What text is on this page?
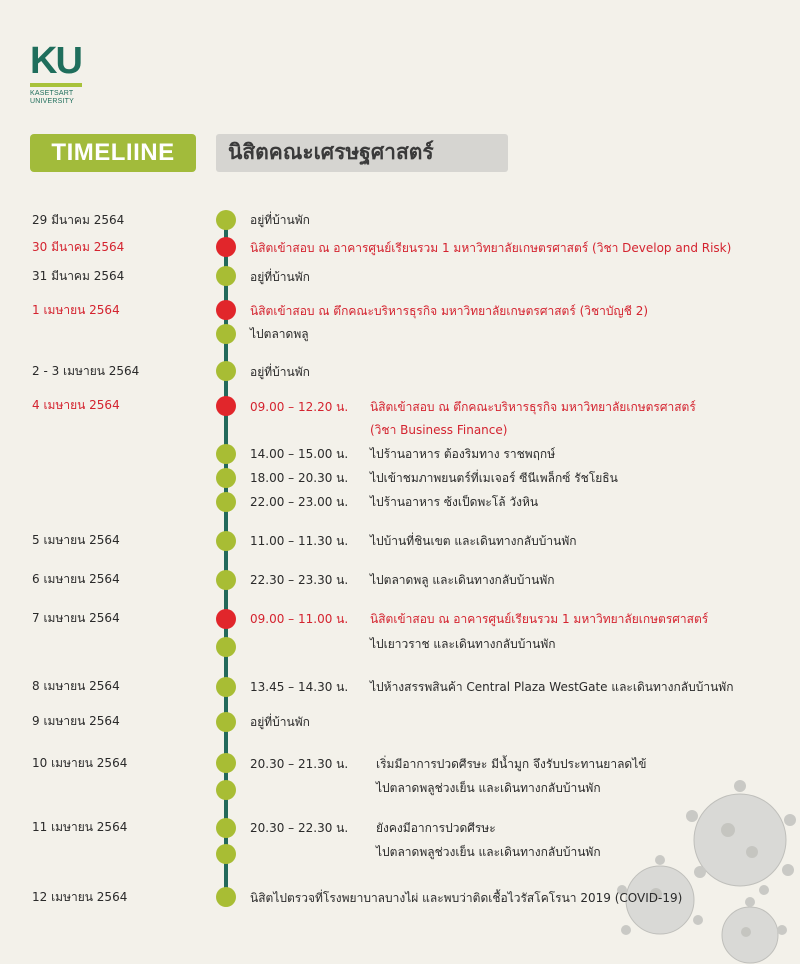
KU
KASETSART
UNIVERSITY
TIMELIINE	นิสิตคณะเศรษฐศาสตร์
29 มีนาคม 2564	อยู่ที่บ้านพัก
30 มีนาคม 2564	นิสิตเข้าสอบ ณ อาคารศูนย์เรียนรวม 1 มหาวิทยาลัยเกษตรศาสตร์ (วิชา Develop and Risk)
31 มีนาคม 2564	อยู่ที่บ้านพัก
1 เมษายน 2564	นิสิตเข้าสอบ ณ ตึกคณะบริหารธุรกิจ มหาวิทยาลัยเกษตรศาสตร์ (วิชาบัญชี 2)
ไปตลาดพลู
2 - 3 เมษายน 2564	อยู่ที่บ้านพัก
4 เมษายน 2564	09.00 – 12.20 น. นิสิตเข้าสอบ ณ ตึกคณะบริหารธุรกิจ มหาวิทยาลัยเกษตรศาสตร์
(วิชา Business Finance)
14.00 – 15.00 น. ไปร้านอาหาร ต้องริมทาง ราชพฤกษ์
18.00 – 20.30 น. ไปเข้าชมภาพยนตร์ที่เมเจอร์ ซีนีเพล็กซ์ รัชโยธิน
22.00 – 23.00 น. ไปร้านอาหาร ซ้งเป็ดพะโล้ วังหิน
5 เมษายน 2564	11.00 – 11.30 น. ไปบ้านที่ชินเขต และเดินทางกลับบ้านพัก
6 เมษายน 2564	22.30 – 23.30 น. ไปตลาดพลู และเดินทางกลับบ้านพัก
7 เมษายน 2564	09.00 – 11.00 น. นิสิตเข้าสอบ ณ อาคารศูนย์เรียนรวม 1 มหาวิทยาลัยเกษตรศาสตร์
ไปเยาวราช และเดินทางกลับบ้านพัก
8 เมษายน 2564	13.45 – 14.30 น. ไปห้างสรรพสินค้า Central Plaza WestGate และเดินทางกลับบ้านพัก
9 เมษายน 2564	อยู่ที่บ้านพัก
10 เมษายน 2564	20.30 – 21.30 น. เริ่มมีอาการปวดศีรษะ มีน้ำมูก จึงรับประทานยาลดไข้
ไปตลาดพลูช่วงเย็น และเดินทางกลับบ้านพัก
11 เมษายน 2564	20.30 – 22.30 น. ยังคงมีอาการปวดศีรษะ
ไปตลาดพลูช่วงเย็น และเดินทางกลับบ้านพัก
12 เมษายน 2564	นิสิตไปตรวจที่โรงพยาบาลบางไผ่ และพบว่าติดเชื้อไวรัสโคโรนา 2019 (COVID-19)
